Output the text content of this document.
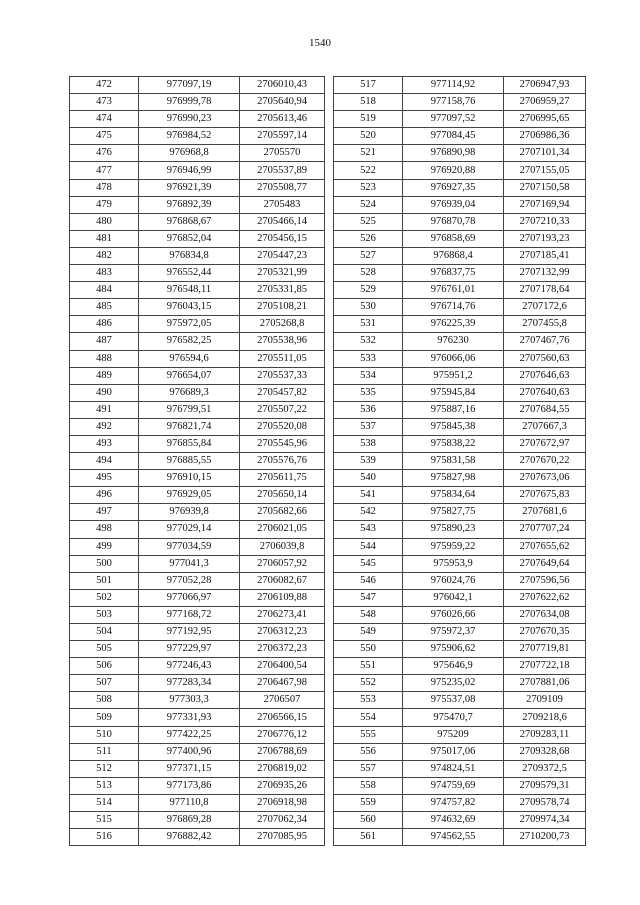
1540
472	977097,19	2706010,43
473	976999,78	2705640,94
474	976990,23	2705613,46
475	976984,52	2705597,14
476	976968,8	2705570
477	976946,99	2705537,89
478	976921,39	2705508,77
479	976892,39	2705483
480	976868,67	2705466,14
481	976852,04	2705456,15
482	976834,8	2705447,23
483	976552,44	2705321,99
484	976548,11	2705331,85
485	976043,15	2705108,21
486	975972,05	2705268,8
487	976582,25	2705538,96
488	976594,6	2705511,05
489	976654,07	2705537,33
490	976689,3	2705457,82
491	976799,51	2705507,22
492	976821,74	2705520,08
493	976855,84	2705545,96
494	976885,55	2705576,76
495	976910,15	2705611,75
496	976929,05	2705650,14
497	976939,8	2705682,66
498	977029,14	2706021,05
499	977034,59	2706039,8
500	977041,3	2706057,92
501	977052,28	2706082,67
502	977066,97	2706109,88
503	977168,72	2706273,41
504	977192,95	2706312,23
505	977229,97	2706372,23
506	977246,43	2706400,54
507	977283,34	2706467,98
508	977303,3	2706507
509	977331,93	2706566,15
510	977422,25	2706776,12
511	977400,96	2706788,69
512	977371,15	2706819,02
513	977173,86	2706935,26
514	977110,8	2706918,98
515	976869,28	2707062,34
516	976882,42	2707085,95
517	977114,92	2706947,93
518	977158,76	2706959,27
519	977097,52	2706995,65
520	977084,45	2706986,36
521	976890,98	2707101,34
522	976920,88	2707155,05
523	976927,35	2707150,58
524	976939,04	2707169,94
525	976870,78	2707210,33
526	976858,69	2707193,23
527	976868,4	2707185,41
528	976837,75	2707132,99
529	976761,01	2707178,64
530	976714,76	2707172,6
531	976225,39	2707455,8
532	976230	2707467,76
533	976066,06	2707560,63
534	975951,2	2707646,63
535	975945,84	2707640,63
536	975887,16	2707684,55
537	975845,38	2707667,3
538	975838,22	2707672,97
539	975831,58	2707670,22
540	975827,98	2707673,06
541	975834,64	2707675,83
542	975827,75	2707681,6
543	975890,23	2707707,24
544	975959,22	2707655,62
545	975953,9	2707649,64
546	976024,76	2707596,56
547	976042,1	2707622,62
548	976026,66	2707634,08
549	975972,37	2707670,35
550	975906,62	2707719,81
551	975646,9	2707722,18
552	975235,02	2707881,06
553	975537,08	2709109
554	975470,7	2709218,6
555	975209	2709283,11
556	975017,06	2709328,68
557	974824,51	2709372,5
558	974759,69	2709579,31
559	974757,82	2709578,74
560	974632,69	2709974,34
561	974562,55	2710200,73
